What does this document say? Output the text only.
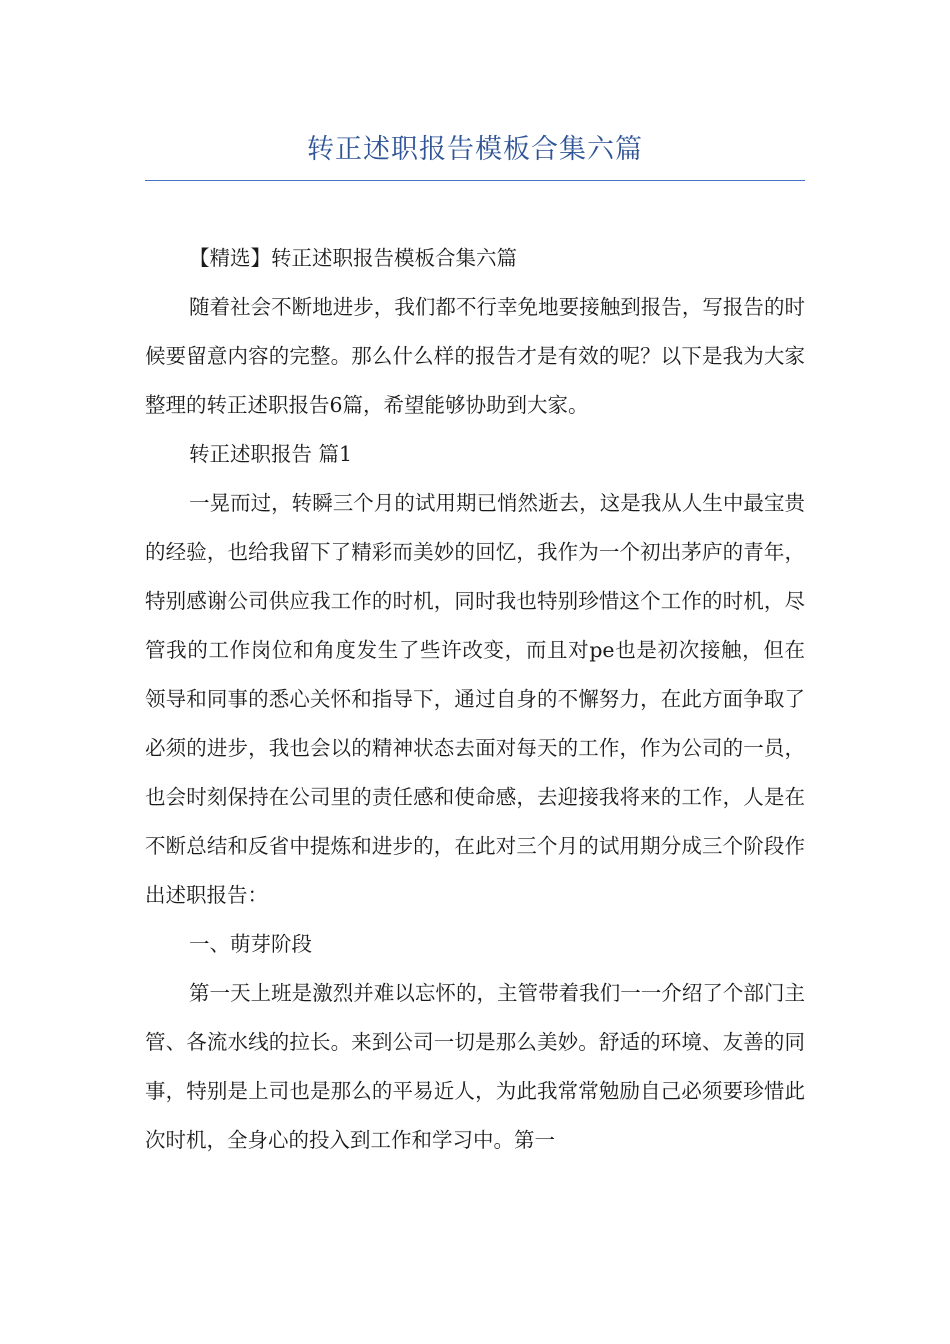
转正述职报告模板合集六篇

【精选】转正述职报告模板合集六篇

随着社会不断地进步，我们都不行幸免地要接触到报告，写报告的时候要留意内容的完整。那么什么样的报告才是有效的呢？以下是我为大家整理的转正述职报告6篇，希望能够协助到大家。

转正述职报告 篇1

一晃而过，转瞬三个月的试用期已悄然逝去，这是我从人生中最宝贵的经验，也给我留下了精彩而美妙的回忆，我作为一个初出茅庐的青年，特别感谢公司供应我工作的时机，同时我也特别珍惜这个工作的时机，尽管我的工作岗位和角度发生了些许改变，而且对pe也是初次接触，但在领导和同事的悉心关怀和指导下，通过自身的不懈努力，在此方面争取了必须的进步，我也会以的精神状态去面对每天的工作，作为公司的一员，也会时刻保持在公司里的责任感和使命感，去迎接我将来的工作，人是在不断总结和反省中提炼和进步的，在此对三个月的试用期分成三个阶段作出述职报告：

一、萌芽阶段

第一天上班是激烈并难以忘怀的，主管带着我们一一介绍了个部门主管、各流水线的拉长。来到公司一切是那么美妙。舒适的环境、友善的同事，特别是上司也是那么的平易近人，为此我常常勉励自己必须要珍惜此次时机，全身心的投入到工作和学习中。第一
